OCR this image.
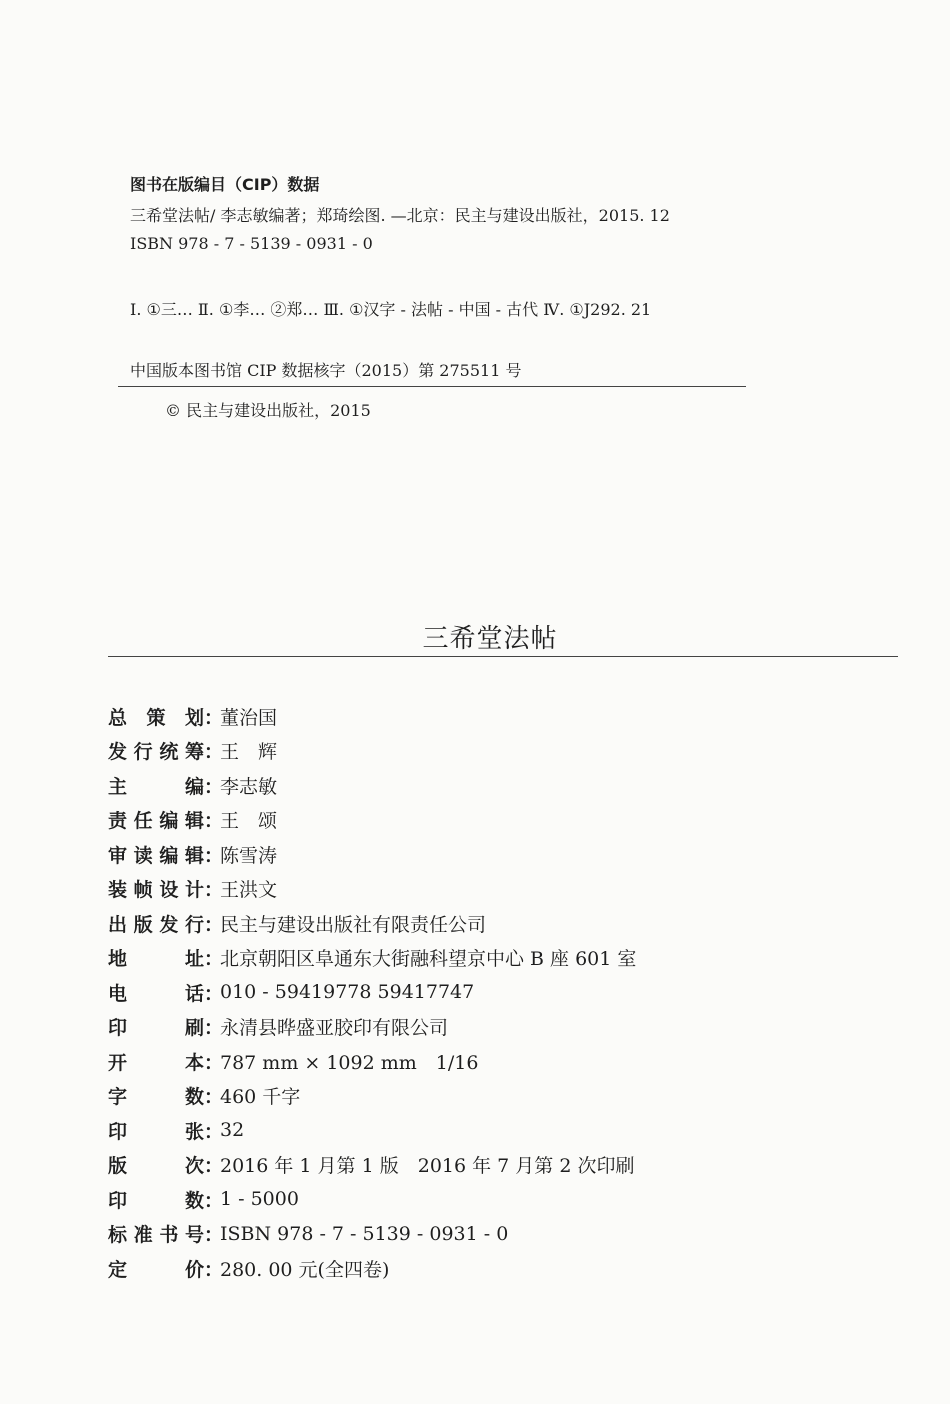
图书在版编目（CIP）数据
三希堂法帖/ 李志敏编著；郑琦绘图. —北京：民主与建设出版社，2015. 12
ISBN 978 - 7 - 5139 - 0931 - 0
Ⅰ. ①三… Ⅱ. ①李… ②郑… Ⅲ. ①汉字 - 法帖 - 中国 - 古代 Ⅳ. ①J292. 21
中国版本图书馆 CIP 数据核字（2015）第 275511 号
© 民主与建设出版社，2015
三希堂法帖
总 策 划 ：
董治国
发 行 统 筹 ：
王　辉
主	编 ：
李志敏
责 任 编 辑 ：
王　颂
审 读 编 辑 ：
陈雪涛
装 帧 设 计 ：
王洪文
出 版 发 行 ：
民主与建设出版社有限责任公司
地	址 ：
北京朝阳区阜通东大街融科望京中心 B 座 601 室
电	话 ：
010 - 59419778 59417747
印	刷 ：
永清县晔盛亚胶印有限公司
开	本 ：
787 mm × 1092 mm　1/16
字	数 ：
460 千字
印	张 ：
32
版	次 ：
2016 年 1 月第 1 版　2016 年 7 月第 2 次印刷
印	数 ：
1 - 5000
标 准 书 号 ：
ISBN 978 - 7 - 5139 - 0931 - 0
定	价 ：
280. 00 元(全四卷)
